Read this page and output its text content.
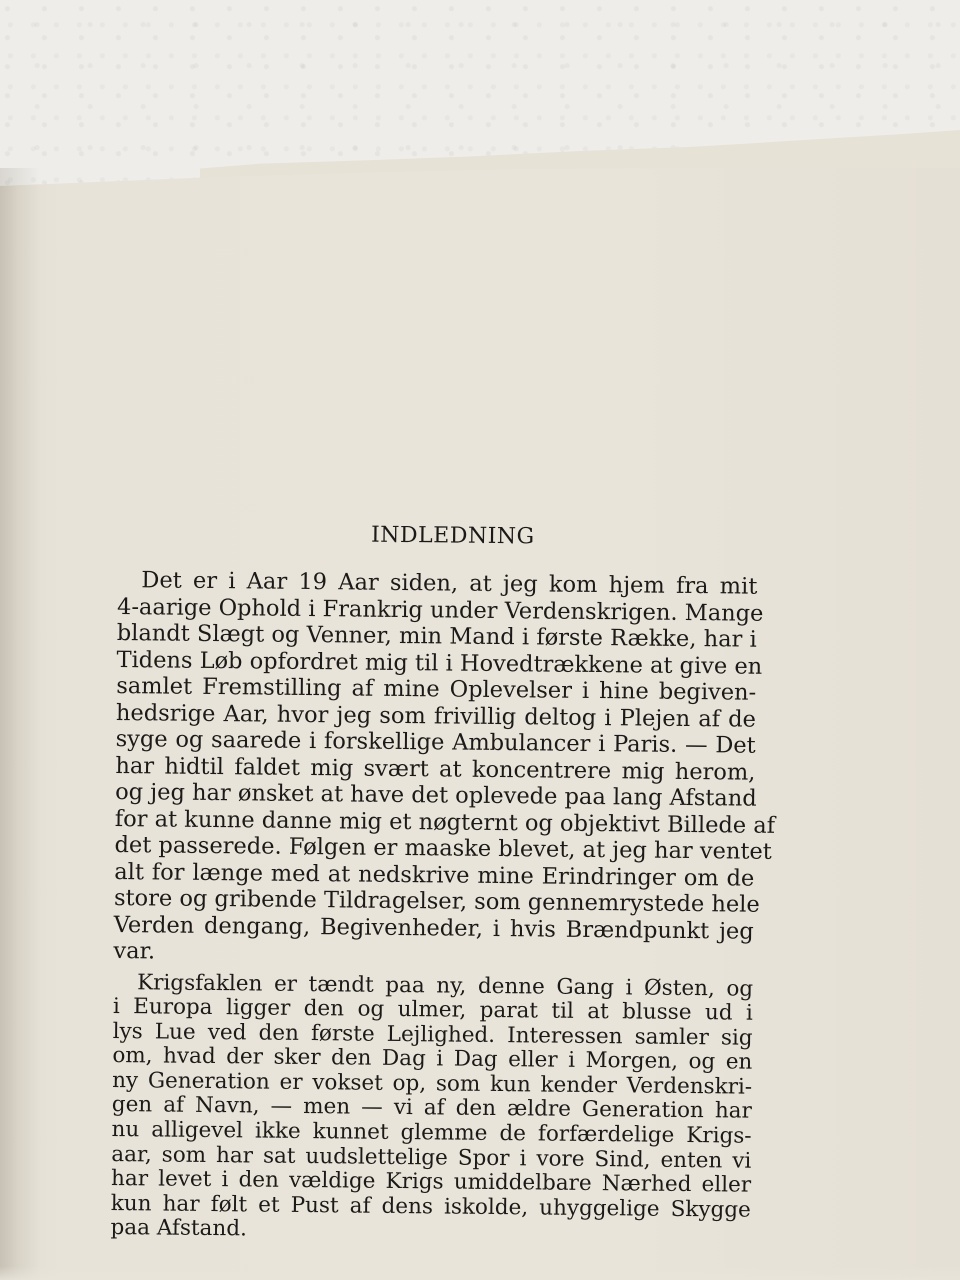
INDLEDNING
Det er i Aar 19 Aar siden, at jeg kom hjem fra mit
4-aarige Ophold i Frankrig under Verdenskrigen. Mange
blandt Slægt og Venner, min Mand i første Række, har i
Tidens Løb opfordret mig til i Hovedtrækkene at give en
samlet Fremstilling af mine Oplevelser i hine begiven-
hedsrige Aar, hvor jeg som frivillig deltog i Plejen af de
syge og saarede i forskellige Ambulancer i Paris. — Det
har hidtil faldet mig svært at koncentrere mig herom,
og jeg har ønsket at have det oplevede paa lang Afstand
for at kunne danne mig et nøgternt og objektivt Billede af
det passerede. Følgen er maaske blevet, at jeg har ventet
alt for længe med at nedskrive mine Erindringer om de
store og gribende Tildragelser, som gennemrystede hele
Verden dengang, Begivenheder, i hvis Brændpunkt jeg
var.
Krigsfaklen er tændt paa ny, denne Gang i Østen, og
i Europa ligger den og ulmer, parat til at blusse ud i
lys Lue ved den første Lejlighed. Interessen samler sig
om, hvad der sker den Dag i Dag eller i Morgen, og en
ny Generation er vokset op, som kun kender Verdenskri-
gen af Navn, — men — vi af den ældre Generation har
nu alligevel ikke kunnet glemme de forfærdelige Krigs-
aar, som har sat uudslettelige Spor i vore Sind, enten vi
har levet i den vældige Krigs umiddelbare Nærhed eller
kun har følt et Pust af dens iskolde, uhyggelige Skygge
paa Afstand.
